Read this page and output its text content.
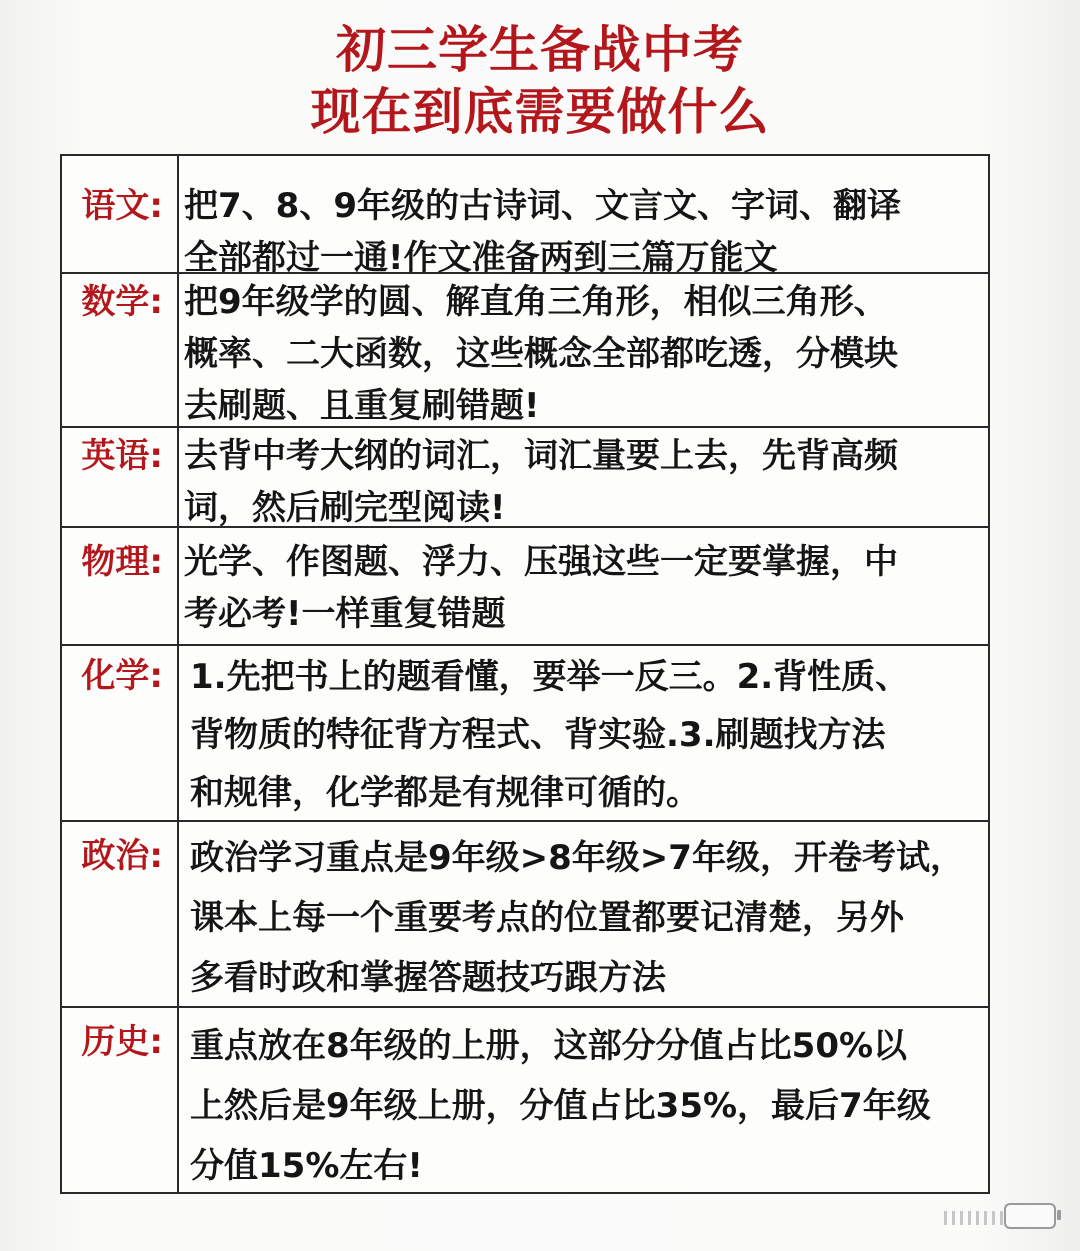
初三学生备战中考
现在到底需要做什么
语文: 把7、8、9年级的古诗词、文言文、字词、翻译
全部都过一通!作文准备两到三篇万能文
数学: 把9年级学的圆、解直角三角形，相似三角形、
概率、二大函数，这些概念全部都吃透，分模块
去刷题、且重复刷错题!
英语: 去背中考大纲的词汇，词汇量要上去，先背高频
词，然后刷完型阅读!
物理: 光学、作图题、浮力、压强这些一定要掌握，中
考必考!一样重复错题
化学: 1.先把书上的题看懂，要举一反三。2.背性质、
背物质的特征背方程式、背实验.3.刷题找方法
和规律，化学都是有规律可循的。
政治: 政治学习重点是9年级>8年级>7年级，开卷考试，
课本上每一个重要考点的位置都要记清楚，另外
多看时政和掌握答题技巧跟方法
历史: 重点放在8年级的上册，这部分分值占比50%以
上然后是9年级上册，分值占比35%，最后7年级
分值15%左右!
